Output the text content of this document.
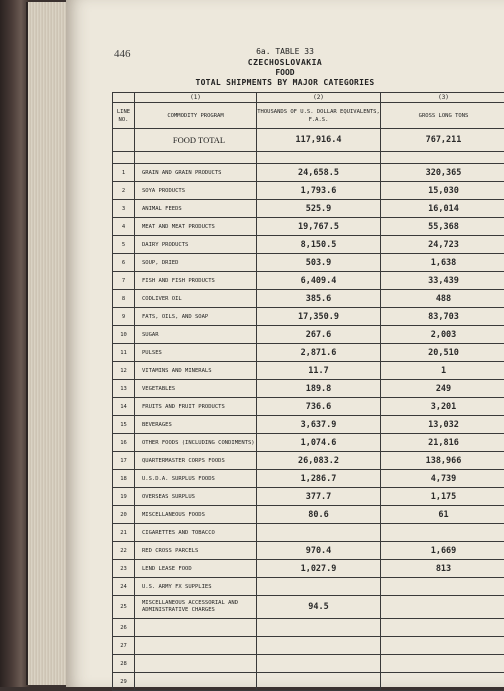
446	6a. TABLE 33
CZECHOSLOVAKIA
FOOD
TOTAL SHIPMENTS BY MAJOR CATEGORIES
	(1)	(2)	(3)
LINE NO.	COMMODITY PROGRAM	THOUSANDS OF U.S. DOLLAR EQUIVALENTS, F.A.S.	GROSS LONG TONS
	FOOD TOTAL	117,916.4	767,211

1	GRAIN AND GRAIN PRODUCTS	24,658.5	320,365
2	SOYA PRODUCTS	1,793.6	15,030
3	ANIMAL FEEDS	525.9	16,014
4	MEAT AND MEAT PRODUCTS	19,767.5	55,368
5	DAIRY PRODUCTS	8,150.5	24,723
6	SOUP, DRIED	503.9	1,638
7	FISH AND FISH PRODUCTS	6,409.4	33,439
8	CODLIVER OIL	385.6	488
9	FATS, OILS, AND SOAP	17,350.9	83,703
10	SUGAR	267.6	2,003
11	PULSES	2,871.6	20,510
12	VITAMINS AND MINERALS	11.7	1
13	VEGETABLES	189.8	249
14	FRUITS AND FRUIT PRODUCTS	736.6	3,201
15	BEVERAGES	3,637.9	13,032
16	OTHER FOODS (INCLUDING CONDIMENTS)	1,074.6	21,816
17	QUARTERMASTER CORPS FOODS	26,083.2	138,966
18	U.S.D.A. SURPLUS FOODS	1,286.7	4,739
19	OVERSEAS SURPLUS	377.7	1,175
20	MISCELLANEOUS FOODS	80.6	61
21	CIGARETTES AND TOBACCO		
22	RED CROSS PARCELS	970.4	1,669
23	LEND LEASE FOOD	1,027.9	813
24	U.S. ARMY FX SUPPLIES		
25	MISCELLANEOUS ACCESSORIAL AND ADMINISTRATIVE CHARGES	94.5	
26			
27			
28			
29			
